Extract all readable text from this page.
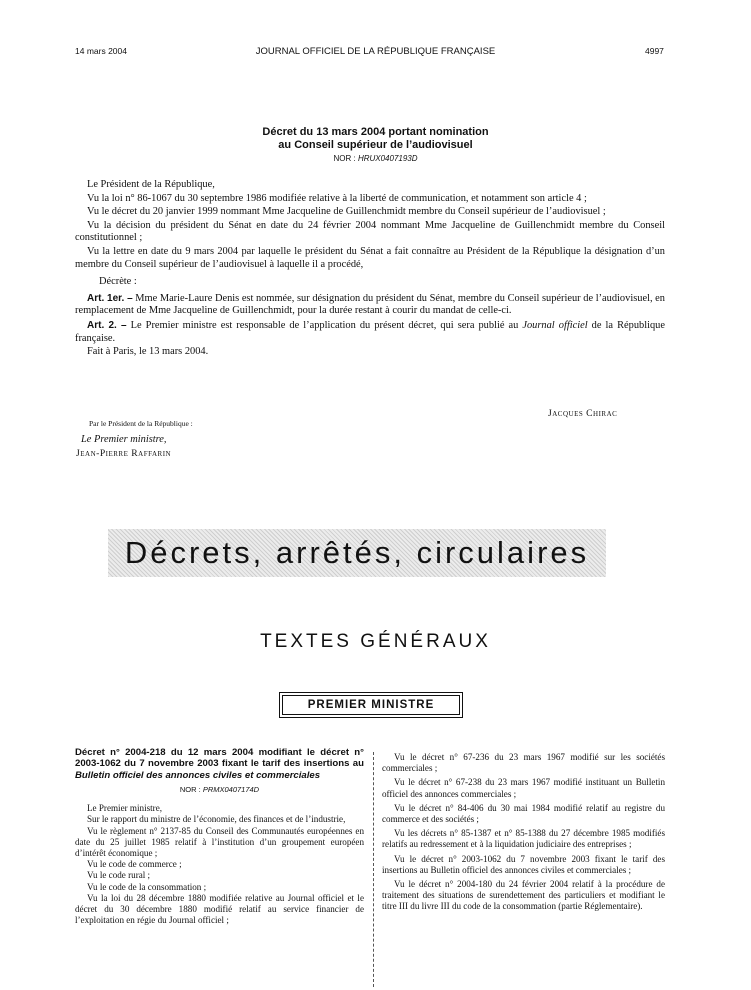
14 mars 2004	JOURNAL OFFICIEL DE LA RÉPUBLIQUE FRANÇAISE	4997
Décret du 13 mars 2004 portant nomination
au Conseil supérieur de l’audiovisuel
NOR : HRUX0407193D

Le Président de la République,

Vu la loi n° 86-1067 du 30 septembre 1986 modifiée relative à la liberté de communication, et notamment son article 4 ;

Vu le décret du 20 janvier 1999 nommant Mme Jacqueline de Guillenchmidt membre du Conseil supérieur de l’audiovisuel ;

Vu la décision du président du Sénat en date du 24 février 2004 nommant Mme Jacqueline de Guillenchmidt membre du Conseil constitutionnel ;

Vu la lettre en date du 9 mars 2004 par laquelle le président du Sénat a fait connaître au Président de la République la désignation d’un membre du Conseil supérieur de l’audiovisuel à laquelle il a procédé,

Décrète :

Art. 1er. – Mme Marie-Laure Denis est nommée, sur désignation du président du Sénat, membre du Conseil supérieur de l’audiovisuel, en remplacement de Mme Jacqueline de Guillenchmidt, pour la durée restant à courir du mandat de celle-ci.

Art. 2. – Le Premier ministre est responsable de l’application du présent décret, qui sera publié au Journal officiel de la République française.

Fait à Paris, le 13 mars 2004.

Jacques Chirac
Par le Président de la République :
Le Premier ministre,
Jean-Pierre Raffarin
Décrets, arrêtés, circulaires
TEXTES GÉNÉRAUX
PREMIER MINISTRE
Décret n° 2004-218 du 12 mars 2004 modifiant le décret n° 2003-1062 du 7 novembre 2003 fixant le tarif des insertions au Bulletin officiel des annonces civiles et commerciales
NOR : PRMX0407174D

Le Premier ministre,

Sur le rapport du ministre de l’économie, des finances et de l’industrie,

Vu le règlement n° 2137-85 du Conseil des Communautés européennes en date du 25 juillet 1985 relatif à l’institution d’un groupement européen d’intérêt économique ;

Vu le code de commerce ;

Vu le code rural ;

Vu le code de la consommation ;

Vu la loi du 28 décembre 1880 modifiée relative au Journal officiel et le décret du 30 décembre 1880 modifié relatif au service financier de l’exploitation en régie du Journal officiel ;

Vu le décret n° 67-236 du 23 mars 1967 modifié sur les sociétés commerciales ;

Vu le décret n° 67-238 du 23 mars 1967 modifié instituant un Bulletin officiel des annonces commerciales ;

Vu le décret n° 84-406 du 30 mai 1984 modifié relatif au registre du commerce et des sociétés ;

Vu les décrets n° 85-1387 et n° 85-1388 du 27 décembre 1985 modifiés relatifs au redressement et à la liquidation judiciaire des entreprises ;

Vu le décret n° 2003-1062 du 7 novembre 2003 fixant le tarif des insertions au Bulletin officiel des annonces civiles et commerciales ;

Vu le décret n° 2004-180 du 24 février 2004 relatif à la procédure de traitement des situations de surendettement des particuliers et modifiant le titre III du livre III du code de la consommation (partie Réglementaire).
